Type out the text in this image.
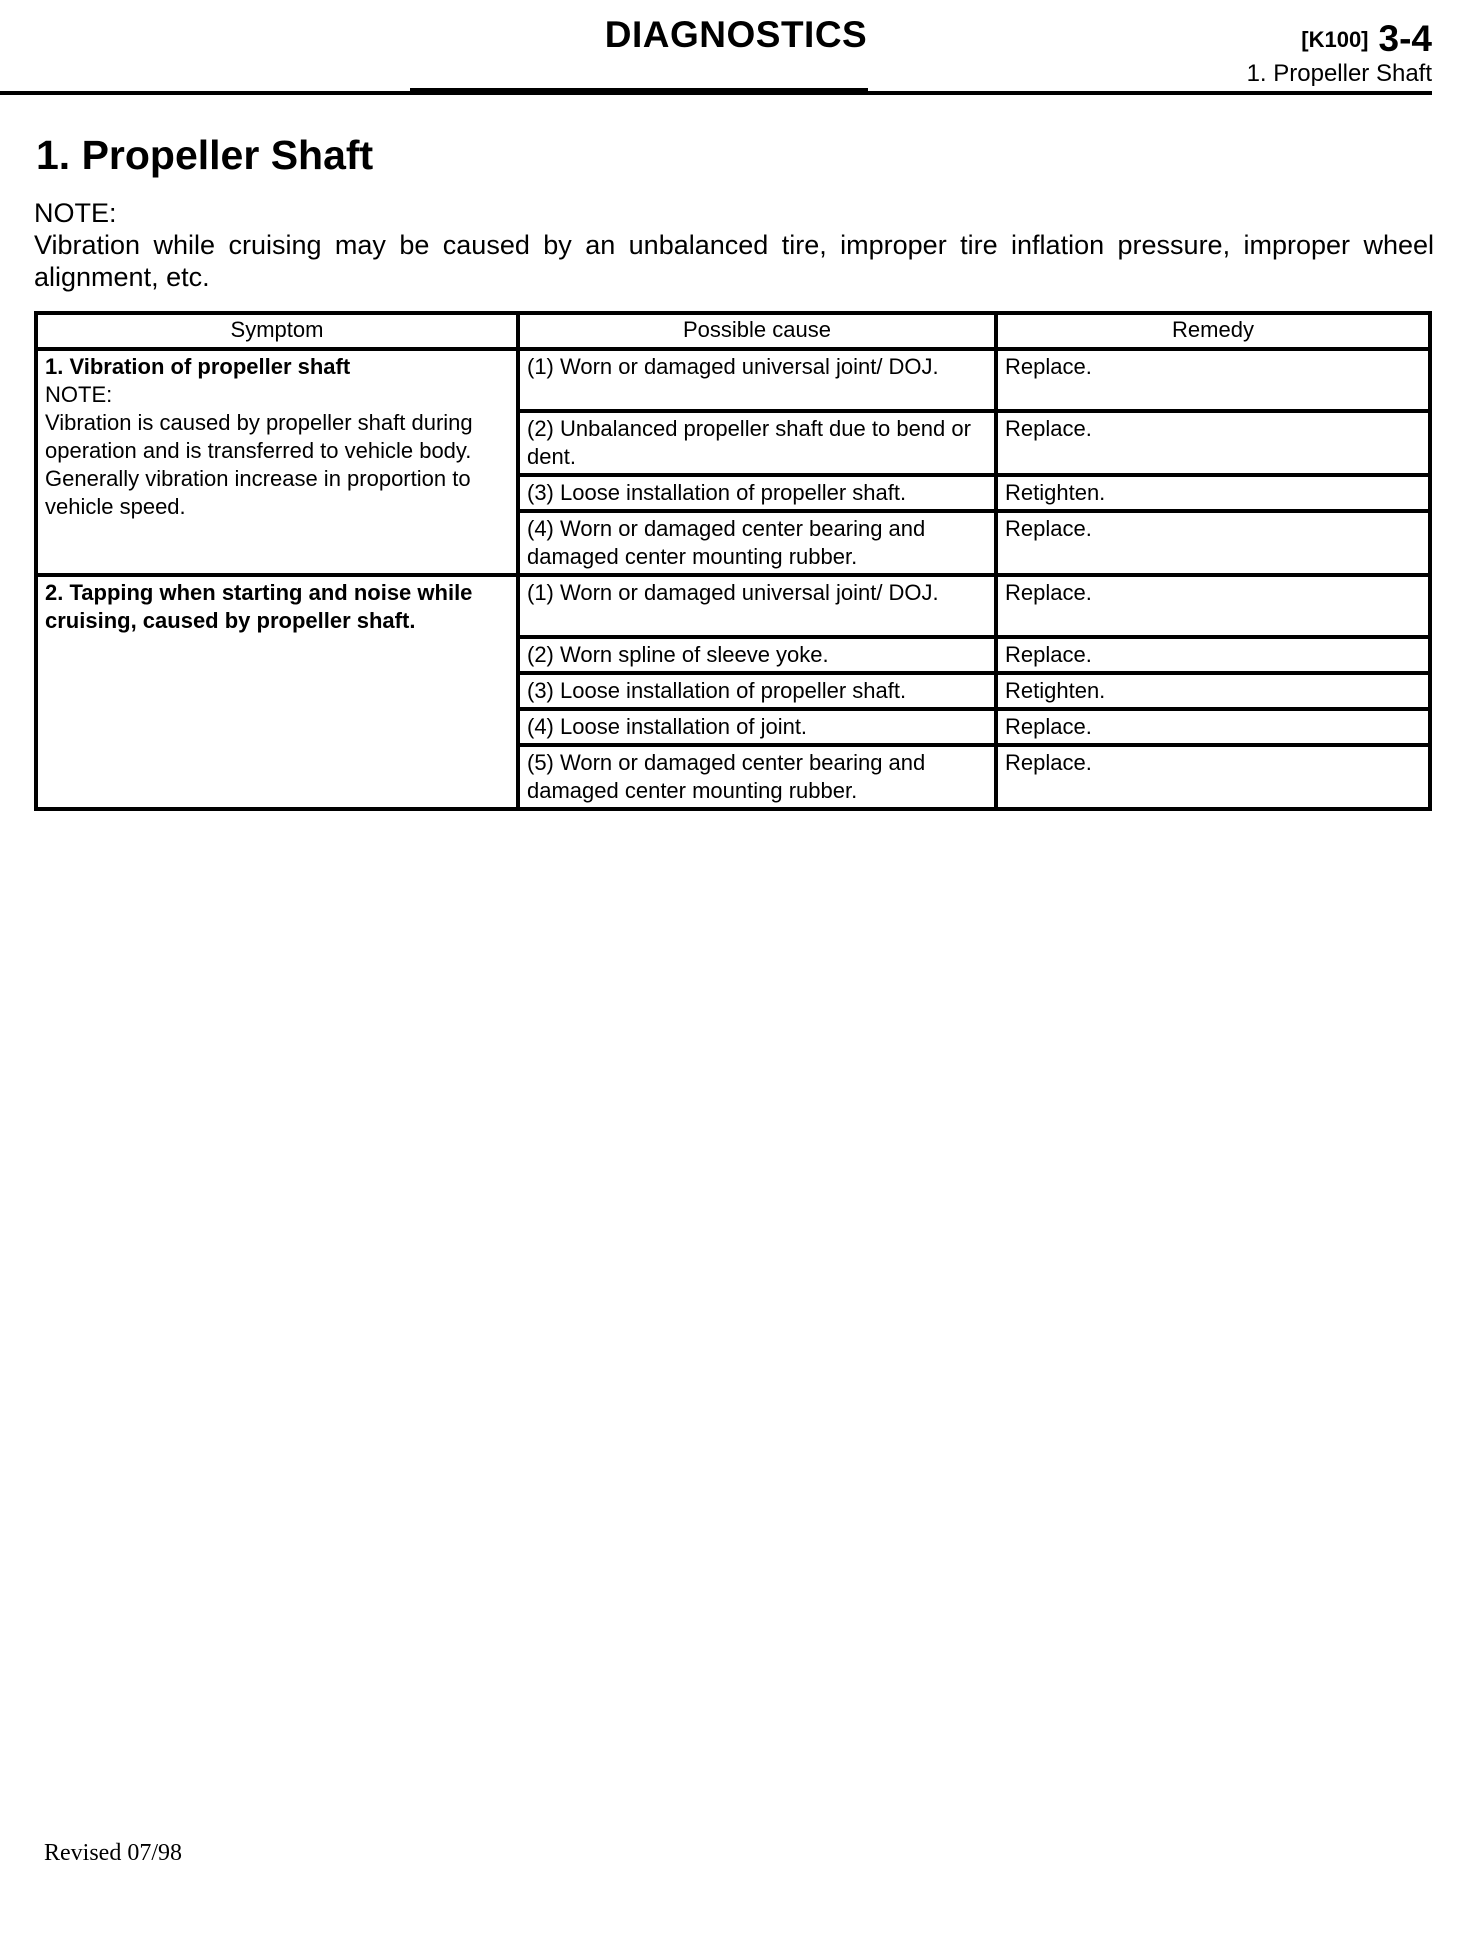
DIAGNOSTICS	[K100] 3-4
1. Propeller Shaft
1. Propeller Shaft
NOTE:
Vibration while cruising may be caused by an unbalanced tire, improper tire inflation pressure, improper wheel alignment, etc.
Symptom	Possible cause	Remedy

1. Vibration of propeller shaft
NOTE:
Vibration is caused by propeller shaft during operation and is transferred to vehicle body. Generally vibration increase in proportion to vehicle speed.	(1) Worn or damaged universal joint/ DOJ.	Replace.
	(2) Unbalanced propeller shaft due to bend or dent.	Replace.
	(3) Loose installation of propeller shaft.	Retighten.
	(4) Worn or damaged center bearing and damaged center mounting rubber.	Replace.

2. Tapping when starting and noise while cruising, caused by propeller shaft.	(1) Worn or damaged universal joint/ DOJ.	Replace.
	(2) Worn spline of sleeve yoke.	Replace.
	(3) Loose installation of propeller shaft.	Retighten.
	(4) Loose installation of joint.	Replace.
	(5) Worn or damaged center bearing and damaged center mounting rubber.	Replace.
Revised 07/98
